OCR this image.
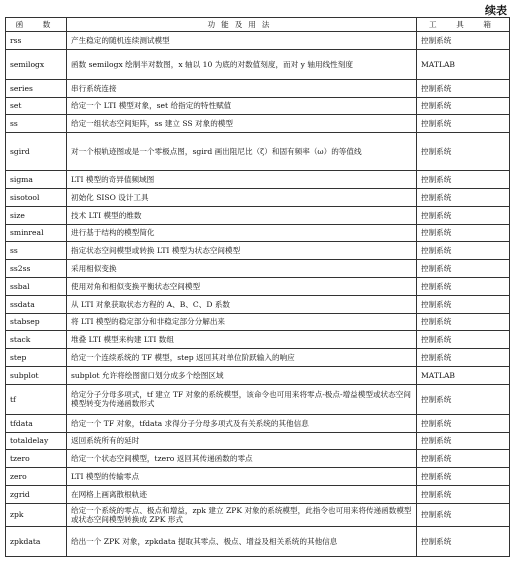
续表
函　数	功能及用法	工　具　箱
rss	产生稳定的随机连续测试模型	控制系统
semilogx	函数 semilogx 绘制半对数图，x 轴以 10 为底的对数值刻度，而对 y 轴用线性刻度	MATLAB
series	串行系统连接	控制系统
set	给定一个 LTI 模型对象，set 给指定的特性赋值	控制系统
ss	给定一组状态空间矩阵，ss 建立 SS 对象的模型	控制系统
sgird	对一个根轨迹图或是一个零极点图，sgird 画出阻尼比（ζ）和固有频率（ω）的等值线	控制系统
sigma	LTI 模型的奇异值频域图	控制系统
sisotool	初始化 SISO 设计工具	控制系统
size	技术 LTI 模型的维数	控制系统
sminreal	进行基于结构的模型简化	控制系统
ss	指定状态空间模型或转换 LTI 模型为状态空间模型	控制系统
ss2ss	采用相似变换	控制系统
ssbal	使用对角和相似变换平衡状态空间模型	控制系统
ssdata	从 LTI 对象获取状态方程的 A、B、C、D 系数	控制系统
stabsep	将 LTI 模型的稳定部分和非稳定部分分解出来	控制系统
stack	堆叠 LTI 模型来构建 LTI 数组	控制系统
step	给定一个连续系统的 TF 模型，step 返回其对单位阶跃输入的响应	控制系统
subplot	subplot 允许将绘图窗口划分成多个绘图区域	MATLAB
tf	给定分子分母多项式，tf 建立 TF 对象的系统模型，该命令也可用来将零点-极点-增益模型或状态空间模型转变为传递函数形式	控制系统
tfdata	给定一个 TF 对象，tfdata 求得分子分母多项式及有关系统的其他信息	控制系统
totaldelay	返回系统所有的延时	控制系统
tzero	给定一个状态空间模型，tzero 返回其传递函数的零点	控制系统
zero	LTI 模型的传输零点	控制系统
zgrid	在网格上画离散根轨迹	控制系统
zpk	给定一个系统的零点、极点和增益，zpk 建立 ZPK 对象的系统模型，此指令也可用来将传递函数模型或状态空间模型转换成 ZPK 形式	控制系统
zpkdata	给出一个 ZPK 对象，zpkdata 提取其零点、极点、增益及相关系统的其他信息	控制系统
